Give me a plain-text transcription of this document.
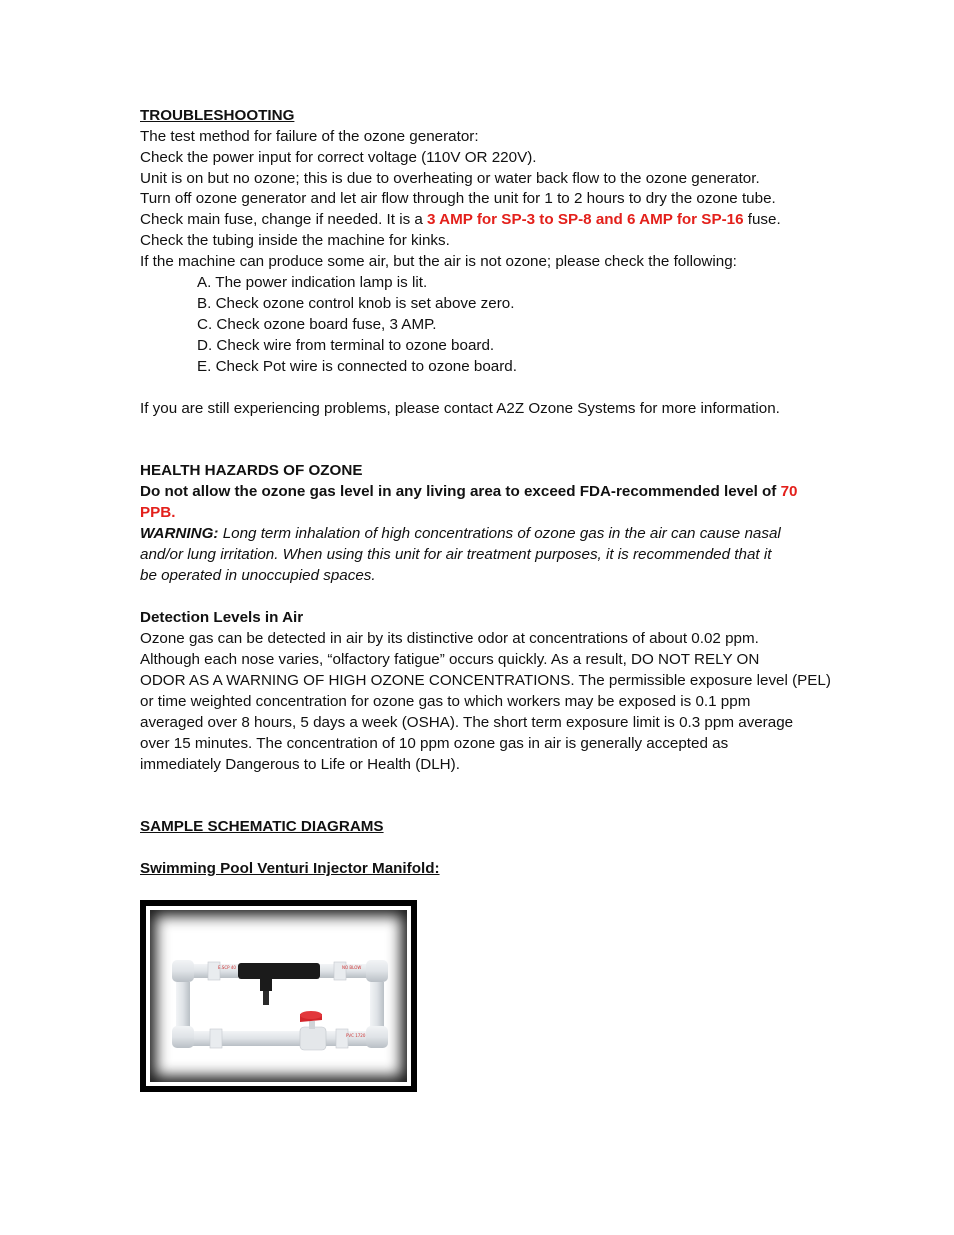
TROUBLESHOOTING
The test method for failure of the ozone generator:
Check the power input for correct voltage (110V OR 220V).
Unit is on but no ozone; this is due to overheating or water back flow to the ozone generator.
Turn off ozone generator and let air flow through the unit for 1 to 2 hours to dry the ozone tube.
Check main fuse, change if needed. It is a 3 AMP for SP-3 to SP-8 and 6 AMP for SP-16 fuse.
Check the tubing inside the machine for kinks.
If the machine can produce some air, but the air is not ozone; please check the following:
A. The power indication lamp is lit.
B. Check ozone control knob is set above zero.
C. Check ozone board fuse, 3 AMP.
D. Check wire from terminal to ozone board.
E. Check Pot wire is connected to ozone board.
If you are still experiencing problems, please contact A2Z Ozone Systems for more information.
HEALTH HAZARDS OF OZONE
Do not allow the ozone gas level in any living area to exceed FDA-recommended level of 70
PPB.
WARNING: Long term inhalation of high concentrations of ozone gas in the air can cause nasal
and/or lung irritation. When using this unit for air treatment purposes, it is recommended that it
be operated in unoccupied spaces.
Detection Levels in Air
Ozone gas can be detected in air by its distinctive odor at concentrations of about 0.02 ppm.
Although each nose varies, “olfactory fatigue” occurs quickly. As a result, DO NOT RELY ON
ODOR AS A WARNING OF HIGH OZONE CONCENTRATIONS. The permissible exposure level (PEL)
or time weighted concentration for ozone gas to which workers may be exposed is 0.1 ppm
averaged over 8 hours, 5 days a week (OSHA). The short term exposure limit is 0.3 ppm average
over 15 minutes. The concentration of 10 ppm ozone gas in air is generally accepted as
immediately Dangerous to Life or Health (DLH).
SAMPLE SCHEMATIC DIAGRAMS
Swimming Pool Venturi Injector Manifold:
E.SCP 40	NO BLOW
PVC 1720
